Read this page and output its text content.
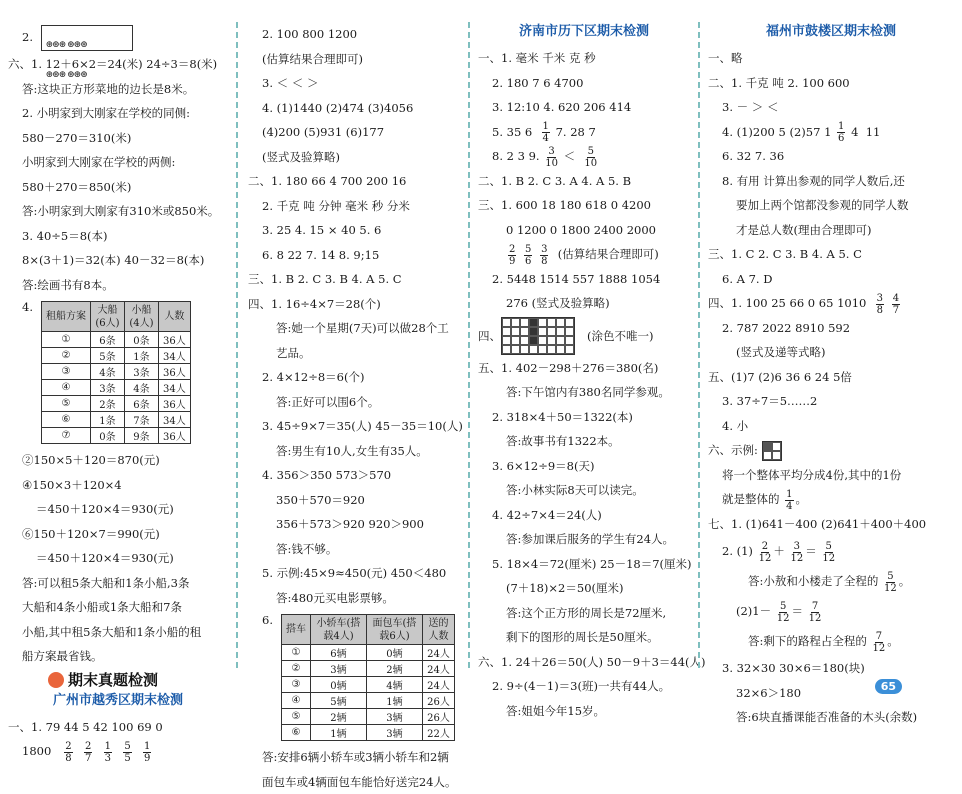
2. ⊛⊛⊛ ⊛⊛⊛
⊛⊛⊛ ⊛⊛⊛
六、1. 12＋6×2＝24(米) 24÷3＝8(米)
答:这块正方形菜地的边长是8米。
2. 小明家到大刚家在学校的同侧:
580－270＝310(米)
小明家到大刚家在学校的两侧:
580＋270＝850(米)
答:小明家到大刚家有310米或850米。
3. 40÷5＝8(本)
8×(3＋1)＝32(本) 40－32＝8(本)
答:绘画书有8本。
4.
租船方案	大船(6人)	小船(4人)	人数
①	6条	0条	36人
②	5条	1条	34人
③	4条	3条	36人
④	3条	4条	34人
⑤	2条	6条	36人
⑥	1条	7条	34人
⑦	0条	9条	36人
②150×5＋120＝870(元)
④150×3＋120×4
＝450＋120×4＝930(元)
⑥150＋120×7＝990(元)
＝450＋120×4＝930(元)
答:可以租5条大船和1条小船,3条
大船和4条小船或1条大船和7条
小船,其中租5条大船和1条小船的租
船方案最省钱。
期末真题检测
广州市越秀区期末检测
一、1. 79 44 5 42 100 69 0
$1800 \frac{2}{8}$
$\frac{2}{7}$
$\frac{1}{3}$
$\frac{5}{5}$
$\frac{1}{9}$
2. 100 800 1200
(估算结果合理即可)
3. ＜ ＜ ＞
4. (1)1440 (2)474 (3)4056
(4)200 (5)931 (6)177
(竖式及验算略)
二、1. 180 66 4 700 200 16
2. 千克 吨 分钟 毫米 秒 分米
3. 25 4. 15 × 40 5. 6
6. 8 22 7. 14 8. 9;15
三、1. B 2. C 3. B 4. A 5. C
四、1. 16÷4×7＝28(个)
答:她一个星期(7天)可以做28个工
艺品。
2. 4×12÷8＝6(个)
答:正好可以围6个。
3. 45÷9×7＝35(人) 45－35＝10(人)
答:男生有10人,女生有35人。
4. 356＞350 573＞570
350＋570＝920
356＋573＞920 920＞900
答:钱不够。
5. 示例:45×9≈450(元) 450＜480
答:480元买电影票够。
6.
搭车	小轿车(搭载4人)	面包车(搭载6人)	送的人数
①	6辆	0辆	24人
②	3辆	2辆	24人
③	0辆	4辆	24人
④	5辆	1辆	26人
⑤	2辆	3辆	26人
⑥	1辆	3辆	22人
答:安排6辆小轿车或3辆小轿车和2辆
面包车或4辆面包车能恰好送完24人。
济南市历下区期末检测
一、1. 毫米 千米 克 秒
2. 180 7 6 4700
3. 12:10 4. 620 206 414
5. 35 $6 \frac{1}{4} 7$. 28 7
8. 2 3 9. $\frac{3}{10} < \frac{5}{10}$
二、1. B 2. C 3. A 4. A 5. B
三、1. 600 18 180 618 0 4200
0 1200 0 1800 2400 2000
$\frac{2}{9}$
$\frac{5}{6}$
$\frac{3}{8}$ (估算结果合理即可)
2. 5448 1514 557 1888 1054
276 (竖式及验算略)
四、	(涂色不唯一)
五、1. 402－298＋276＝380(名)
答:下午馆内有380名同学参观。
2. 318×4＋50＝1322(本)
答:故事书有1322本。
3. 6×12÷9＝8(天)
答:小林实际8天可以读完。
4. 42÷7×4＝24(人)
答:参加课后服务的学生有24人。
5. 18×4＝72(厘米) 25－18＝7(厘米)
(7＋18)×2＝50(厘米)
答:这个正方形的周长是72厘米,
剩下的图形的周长是50厘米。
六、1. 24＋26＝50(人) 50－9＋3＝44(人)
2. 9÷(4－1)＝3(班)一共有44人。
答:姐姐今年15岁。
福州市鼓楼区期末检测
一、略
二、1. 千克 吨 2. 100 600
3. － ＞ ＜
4. (1)200 5 (2)57 $1 \frac{1}{6} 4$  11
6. 32 7. 36
8. 有用 计算出参观的同学人数后,还
要加上两个馆都没参观的同学人数
才是总人数(理由合理即可)
三、1. C 2. C 3. B 4. A 5. C
6. A 7. D
四、1. 100 25 66 0 65 $1010 \frac{3}{8}$
$\frac{4}{7}$
2. 787 2022 8910 592
(竖式及递等式略)
五、(1)7 (2)6 36 6 24 5倍
3. 37÷7＝5……2
4. 小
六、示例:
将一个整体平均分成4份,其中的1份
就是整体的 $\frac{1}{4}$ 。
七、1. (1)641－400 (2)641＋400＋400
2. $(1) \frac{2}{12} + \frac{3}{12} = \frac{5}{12}$
答:小敖和小楼走了全程的 $\frac{5}{12}$ 。
$(2)1- \frac{5}{12} = \frac{7}{12}$
答:剩下的路程占全程的 $\frac{7}{12}$ 。
3. 32×30 30×6＝180(块)
32×6＞180
答:6块直播课能否准备的木头(余数)
65
